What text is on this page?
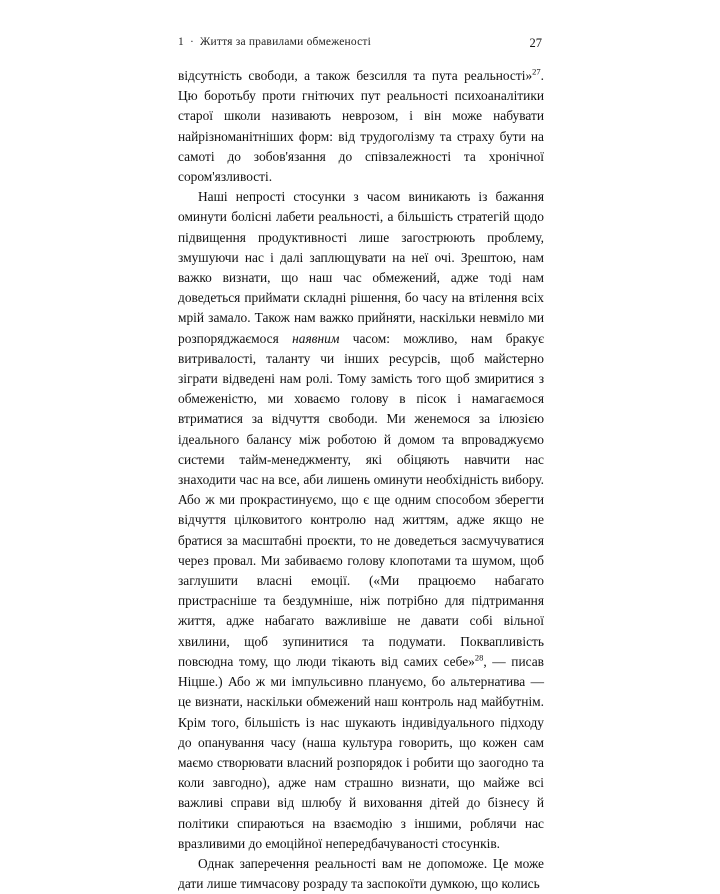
1 · Життя за правилами обмеженості	27

відсутність свободи, а також безсилля та пута реальності»$^{27}$. Цю боротьбу проти гнітючих пут реальності психоаналітики старої школи називають неврозом, і він може набувати найрізноманітніших форм: від трудоголізму та страху бути на самоті до зобов'язання до співзалежності та хронічної сором'язливості.

Наші непрості стосунки з часом виникають із бажання оминути болісні лабети реальності, а більшість стратегій щодо підвищення продуктивності лише загострюють проблему, змушуючи нас і далі заплющувати на неї очі. Зрештою, нам важко визнати, що наш час обмежений, адже тоді нам доведеться приймати складні рішення, бо часу на втілення всіх мрій замало. Також нам важко прийняти, наскільки невміло ми розпоряджаємося наявним часом: можливо, нам бракує витривалості, таланту чи інших ресурсів, щоб майстерно зіграти відведені нам ролі. Тому замість того щоб змиритися з обмеженістю, ми ховаємо голову в пісок і намагаємося втриматися за відчуття свободи. Ми женемося за ілюзією ідеального балансу між роботою й домом та впроваджуємо системи тайм-менеджменту, які обіцяють навчити нас знаходити час на все, аби лишень оминути необхідність вибору. Або ж ми прокрастинуємо, що є ще одним способом зберегти відчуття цілковитого контролю над життям, адже якщо не братися за масштабні проєкти, то не доведеться засмучуватися через провал. Ми забиваємо голову клопотами та шумом, щоб заглушити власні емоції. («Ми працюємо набагато пристрасніше та бездумніше, ніж потрібно для підтримання життя, адже набагато важливіше не давати собі вільної хвилини, щоб зупинитися та подумати. Поквапливість повсюдна тому, що люди тікають від самих себе»$^{28}$, — писав Ніцше.) Або ж ми імпульсивно плануємо, бо альтернатива — це визнати, наскільки обмежений наш контроль над майбутнім. Крім того, більшість із нас шукають індивідуального підходу до опанування часу (наша культура говорить, що кожен сам маємо створювати власний розпорядок і робити що заогодно та коли завгодно), адже нам страшно визнати, що майже всі важливі справи від шлюбу й виховання дітей до бізнесу й політики спираються на взаємодію з іншими, роблячи нас вразливими до емоційної непередбачуваності стосунків.

Однак заперечення реальності вам не допоможе. Це може дати лише тимчасову розраду та заспокоїти думкою, що колись
